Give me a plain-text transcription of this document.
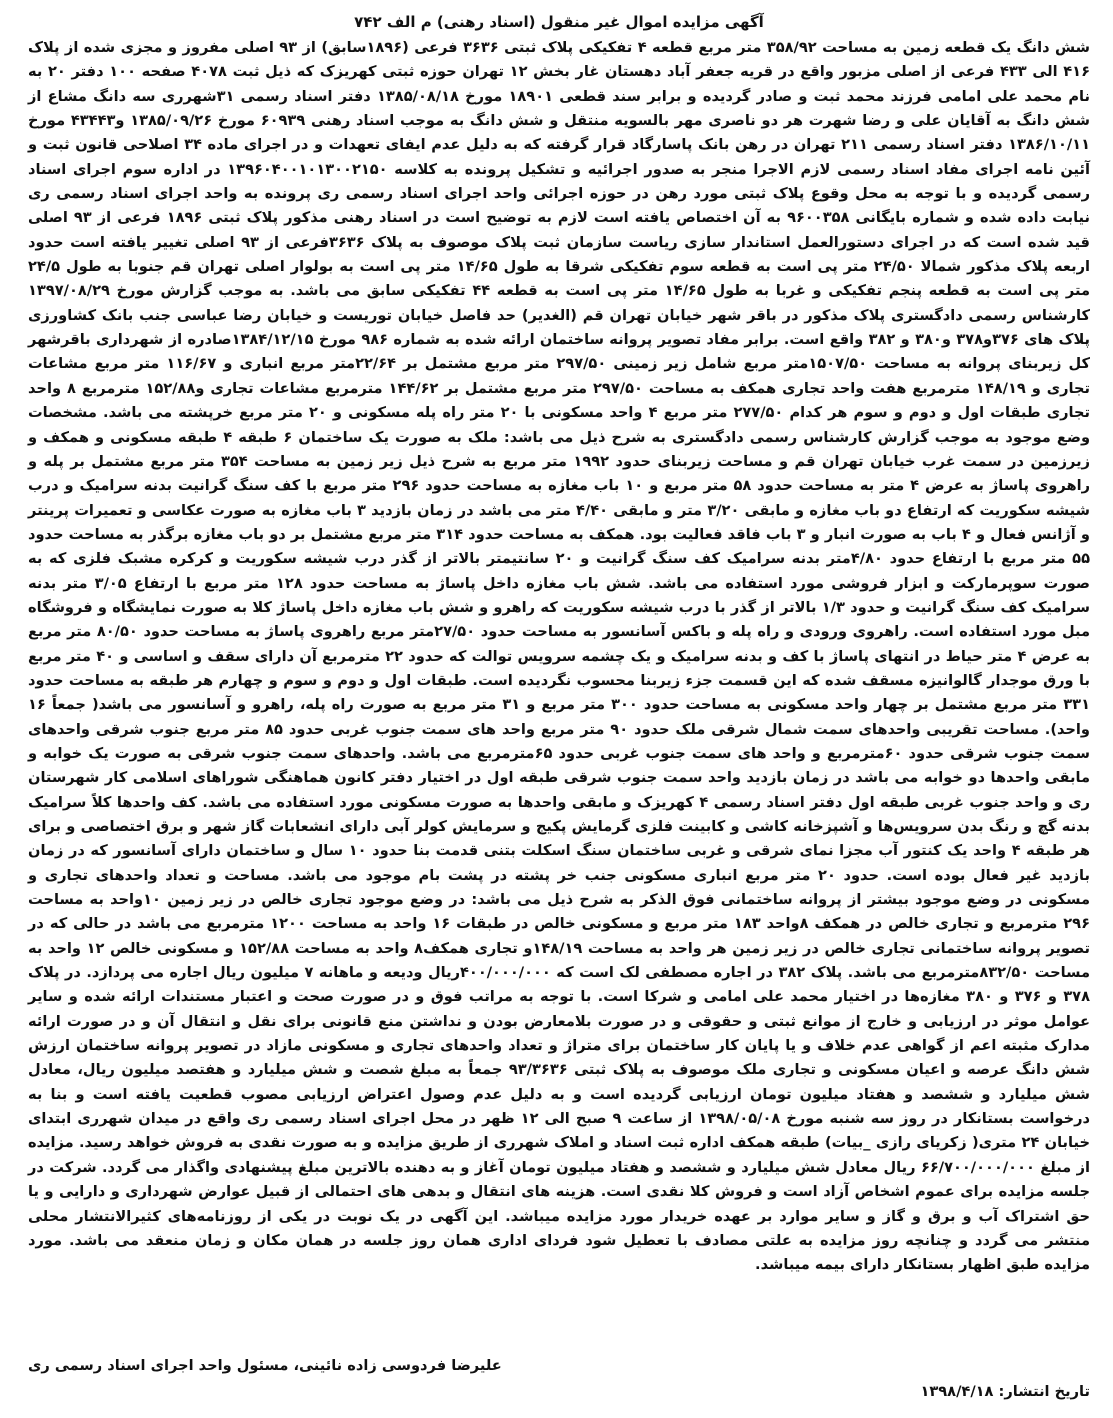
آگهی مزایده اموال غیر منقول (اسناد رهنی) م الف ۷۴۲

شش دانگ یک قطعه زمین به مساحت ۳۵۸/۹۲ متر مربع قطعه ۴ تفکیکی پلاک ثبتی ۳۶۳۶ فرعی (۱۸۹۶سابق) از ۹۳ اصلی مفروز و مجزی شده از پلاک ۴۱۶ الی ۴۳۳ فرعی از اصلی مزبور واقع در قریه جعفر آباد دهستان غار بخش ۱۲ تهران حوزه ثبتی کهریزک که ذیل ثبت ۴۰۷۸ صفحه ۱۰۰ دفتر ۲۰ به نام محمد علی امامی فرزند محمد ثبت و صادر گردیده و برابر سند قطعی ۱۸۹۰۱ مورخ ۱۳۸۵/۰۸/۱۸ دفتر اسناد رسمی ۳۱شهرری سه دانگ مشاع از شش دانگ به آقایان علی و رضا شهرت هر دو ناصری مهر بالسویه منتقل و شش دانگ به موجب اسناد رهنی ۶۰۹۳۹ مورخ ۱۳۸۵/۰۹/۲۶ و۴۳۴۴۳ مورخ ۱۳۸۶/۱۰/۱۱ دفتر اسناد رسمی ۲۱۱ تهران در رهن بانک پاسارگاد قرار گرفته که به دلیل عدم ایفای تعهدات و در اجرای ماده ۳۴ اصلاحی قانون ثبت و آئین نامه اجرای مفاد اسناد رسمی لازم الاجرا منجر به صدور اجرائیه و تشکیل پرونده به کلاسه ۱۳۹۶۰۴۰۰۱۰۱۳۰۰۲۱۵۰ در اداره سوم اجرای اسناد رسمی گردیده و با توجه به محل وقوع پلاک ثبتی مورد رهن در حوزه اجرائی واحد اجرای اسناد رسمی ری پرونده به واحد اجرای اسناد رسمی ری نیابت داده شده و شماره بایگانی ۹۶۰۰۳۵۸ به آن اختصاص یافته است لازم به توضیح است در اسناد رهنی مذکور پلاک ثبتی ۱۸۹۶ فرعی از ۹۳ اصلی قید شده است که در اجرای دستورالعمل استاندار سازی ریاست سازمان ثبت پلاک موصوف به پلاک ۳۶۳۶فرعی از ۹۳ اصلی تغییر یافته است حدود اربعه پلاک مذکور شمالا ۲۴/۵۰ متر پی است به قطعه سوم تفکیکی شرقا به طول ۱۴/۶۵ متر پی است به بولوار اصلی تهران قم جنوبا به طول ۲۴/۵ متر پی است به قطعه پنجم تفکیکی و غربا به طول ۱۴/۶۵ متر پی است به قطعه ۴۴ تفکیکی سابق می باشد. به موجب گزارش مورخ ۱۳۹۷/۰۸/۲۹ کارشناس رسمی دادگستری پلاک مذکور در باقر شهر خیابان تهران قم (الغدیر) حد فاصل خیابان توریست و خیابان رضا عباسی جنب بانک کشاورزی پلاک های ۳۷۶و۳۷۸ و۳۸۰ و ۳۸۲ واقع است. برابر مفاد تصویر پروانه ساختمان ارائه شده به شماره ۹۸۶ مورخ ۱۳۸۴/۱۲/۱۵صادره از شهرداری باقرشهر کل زیربنای پروانه به مساحت ۱۵۰۷/۵۰متر مربع شامل زیر زمینی ۲۹۷/۵۰ متر مربع مشتمل بر ۲۲/۶۴متر مربع انباری و ۱۱۶/۶۷ متر مربع مشاعات تجاری و ۱۴۸/۱۹ مترمربع هفت واحد تجاری همکف به مساحت ۲۹۷/۵۰ متر مربع مشتمل بر ۱۴۴/۶۲ مترمربع مشاعات تجاری و۱۵۲/۸۸ مترمربع ۸ واحد تجاری طبقات اول و دوم و سوم هر کدام ۲۷۷/۵۰ متر مربع ۴ واحد مسکونی با ۲۰ متر راه پله مسکونی و ۲۰ متر مربع خرپشته می باشد. مشخصات وضع موجود به موجب گزارش کارشناس رسمی دادگستری به شرح ذیل می باشد: ملک به صورت یک ساختمان ۶ طبقه ۴ طبقه مسکونی و همکف و زیرزمین در سمت غرب خیابان تهران قم و مساحت زیربنای حدود ۱۹۹۲ متر مربع به شرح ذیل زیر زمین به مساحت ۳۵۴ متر مربع مشتمل بر پله و راهروی پاساژ به عرض ۴ متر به مساحت حدود ۵۸ متر مربع و ۱۰ باب مغازه به مساحت حدود ۲۹۶ متر مربع با کف سنگ گرانیت بدنه سرامیک و درب شیشه سکوریت که ارتفاع دو باب مغازه و مابقی ۳/۲۰ متر و مابقی ۴/۴۰ متر می باشد در زمان بازدید ۳ باب مغازه به صورت عکاسی و تعمیرات پرینتر و آژانس فعال و ۴ باب به صورت انبار و ۳ باب فاقد فعالیت بود. همکف به مساحت حدود ۳۱۴ متر مربع مشتمل بر دو باب مغازه برگذر به مساحت حدود ۵۵ متر مربع با ارتفاع حدود ۴/۸۰متر بدنه سرامیک کف سنگ گرانیت و ۲۰ سانتیمتر بالاتر از گذر درب شیشه سکوریت و کرکره مشبک فلزی که به صورت سوپرمارکت و ابزار فروشی مورد استفاده می باشد. شش باب مغازه داخل پاساژ به مساحت حدود ۱۲۸ متر مربع با ارتفاع ۳/۰۵ متر بدنه سرامیک کف سنگ گرانیت و حدود ۱/۳ بالاتر از گذر با درب شیشه سکوریت که راهرو و شش باب مغازه داخل پاساژ کلا به صورت نمایشگاه و فروشگاه مبل مورد استفاده است. راهروی ورودی و راه پله و باکس آسانسور به مساحت حدود ۲۷/۵۰متر مربع راهروی پاساژ به مساحت حدود ۸۰/۵۰ متر مربع به عرض ۴ متر حیاط در انتهای پاساژ با کف و بدنه سرامیک و یک چشمه سرویس توالت که حدود ۲۲ مترمربع آن دارای سقف و اساسی و ۴۰ متر مربع با ورق موجدار گالوانیزه مسقف شده که این قسمت جزء زیربنا محسوب نگردیده است. طبقات اول و دوم و سوم و چهارم هر طبقه به مساحت حدود ۳۳۱ متر مربع مشتمل بر چهار واحد مسکونی به مساحت حدود ۳۰۰ متر مربع و ۳۱ متر مربع به صورت راه پله، راهرو و آسانسور می باشد( جمعاً ۱۶ واحد). مساحت تقریبی واحدهای سمت شمال شرقی ملک حدود ۹۰ متر مربع واحد های سمت جنوب غربی حدود ۸۵ متر مربع جنوب شرقی واحدهای سمت جنوب شرقی حدود ۶۰مترمربع و واحد های سمت جنوب غربی حدود ۶۵مترمربع می باشد. واحدهای سمت جنوب شرقی به صورت یک خوابه و مابقی واحدها دو خوابه می باشد در زمان بازدید واحد سمت جنوب شرقی طبقه اول در اختیار دفتر کانون هماهنگی شوراهای اسلامی کار شهرستان ری و واحد جنوب غربی طبقه اول دفتر اسناد رسمی ۴ کهریزک و مابقی واحدها به صورت مسکونی مورد استفاده می باشد. کف واحدها کلاً سرامیک بدنه گچ و رنگ بدن سرویس‌ها و آشپزخانه کاشی و کابینت فلزی گرمایش پکیج و سرمایش کولر آبی دارای انشعابات گاز شهر و برق اختصاصی و برای هر طبقه ۴ واحد یک کنتور آب مجزا نمای شرقی و غربی ساختمان سنگ اسکلت بتنی قدمت بنا حدود ۱۰ سال و ساختمان دارای آسانسور که در زمان بازدید غیر فعال بوده است. حدود ۲۰ متر مربع انباری مسکونی جنب خر پشته در پشت بام موجود می باشد. مساحت و تعداد واحدهای تجاری و مسکونی در وضع موجود بیشتر از پروانه ساختمانی فوق الذکر به شرح ذیل می باشد: در وضع موجود تجاری خالص در زیر زمین ۱۰واحد به مساحت ۲۹۶ مترمربع و تجاری خالص در همکف ۸واحد ۱۸۳ متر مربع و مسکونی خالص در طبقات ۱۶ واحد به مساحت ۱۲۰۰ مترمربع می باشد در حالی که در تصویر پروانه ساختمانی تجاری خالص در زیر زمین هر واحد به مساحت ۱۴۸/۱۹و تجاری همکف۸ واحد به مساحت ۱۵۲/۸۸ و مسکونی خالص ۱۲ واحد به مساحت ۸۳۲/۵۰مترمربع می باشد. پلاک ۳۸۲ در اجاره مصطفی لک است که ۴۰۰/۰۰۰/۰۰۰ریال ودیعه و ماهانه ۷ میلیون ریال اجاره می پردازد. در پلاک ۳۷۸ و ۳۷۶ و ۳۸۰ مغازه‌ها در اختیار محمد علی امامی و شرکا است. با توجه به مراتب فوق و در صورت صحت و اعتبار مستندات ارائه شده و سایر عوامل موثر در ارزیابی و خارج از موانع ثبتی و حقوقی و در صورت بلامعارض بودن و نداشتن منع قانونی برای نقل و انتقال آن و در صورت ارائه مدارک مثبته اعم از گواهی عدم خلاف و یا پایان کار ساختمان برای متراژ و تعداد واحدهای تجاری و مسکونی مازاد در تصویر پروانه ساختمان ارزش شش دانگ عرصه و اعیان مسکونی و تجاری ملک موصوف به پلاک ثبتی ۹۳/۳۶۳۶ جمعاً به مبلغ شصت و شش میلیارد و هفتصد میلیون ریال، معادل شش میلیارد و ششصد و هفتاد میلیون تومان ارزیابی گردیده است و به دلیل عدم وصول اعتراض ارزیابی مصوب قطعیت یافته است و بنا به درخواست بستانکار در روز سه شنبه مورخ ۱۳۹۸/۰۵/۰۸ از ساعت ۹ صبح الی ۱۲ ظهر در محل اجرای اسناد رسمی ری واقع در میدان شهرری ابتدای خیابان ۲۴ متری( زکریای رازی _بیات) طبقه همکف اداره ثبت اسناد و املاک شهرری از طریق مزایده و به صورت نقدی به فروش خواهد رسید. مزایده از مبلغ ۶۶/۷۰۰/۰۰۰/۰۰۰ ریال معادل شش میلیارد و ششصد و هفتاد میلیون تومان آغاز و به دهنده بالاترین مبلغ پیشنهادی واگذار می گردد. شرکت در جلسه مزایده برای عموم اشخاص آزاد است و فروش کلا نقدی است. هزینه های انتقال و بدهی های احتمالی از قبیل عوارض شهرداری و دارایی و یا حق اشتراک آب و برق و گاز و سایر موارد بر عهده خریدار مورد مزایده میباشد. این آگهی در یک نوبت در یکی از روزنامه‌های کثیرالانتشار محلی منتشر می گردد و چنانچه روز مزایده به علتی مصادف با تعطیل شود فردای اداری همان روز جلسه در همان مکان و زمان منعقد می باشد. مورد مزایده طبق اظهار بستانکار دارای بیمه میباشد.

علیرضا فردوسی زاده نائینی، مسئول واحد اجرای اسناد رسمی ری
تاریخ انتشار: ۱۳۹۸/۴/۱۸
